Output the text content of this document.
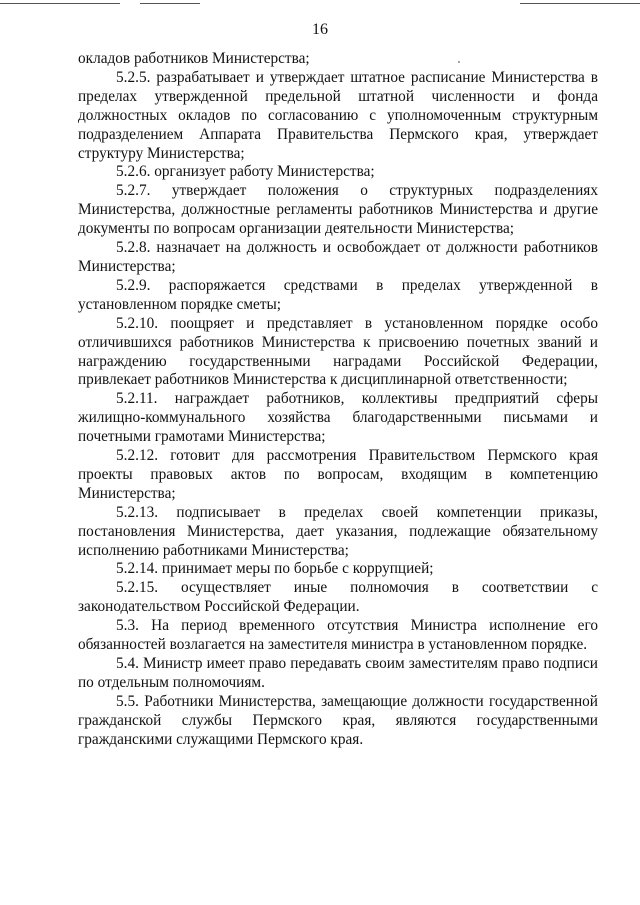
16

окладов работников Министерства;

5.2.5. разрабатывает и утверждает штатное расписание Министерства в пределах утвержденной предельной штатной численности и фонда должностных окладов по согласованию с уполномоченным структурным подразделением Аппарата Правительства Пермского края, утверждает структуру Министерства;

5.2.6. организует работу Министерства;

5.2.7. утверждает положения о структурных подразделениях Министерства, должностные регламенты работников Министерства и другие документы по вопросам организации деятельности Министерства;

5.2.8. назначает на должность и освобождает от должности работников Министерства;

5.2.9. распоряжается средствами в пределах утвержденной в установленном порядке сметы;

5.2.10. поощряет и представляет в установленном порядке особо отличившихся работников Министерства к присвоению почетных званий и награждению государственными наградами Российской Федерации, привлекает работников Министерства к дисциплинарной ответственности;

5.2.11. награждает работников, коллективы предприятий сферы жилищно-коммунального хозяйства благодарственными письмами и почетными грамотами Министерства;

5.2.12. готовит для рассмотрения Правительством Пермского края проекты правовых актов по вопросам, входящим в компетенцию Министерства;

5.2.13. подписывает в пределах своей компетенции приказы, постановления Министерства, дает указания, подлежащие обязательному исполнению работниками Министерства;

5.2.14. принимает меры по борьбе с коррупцией;

5.2.15. осуществляет иные полномочия в соответствии с законодательством Российской Федерации.

5.3. На период временного отсутствия Министра исполнение его обязанностей возлагается на заместителя министра в установленном порядке.

5.4. Министр имеет право передавать своим заместителям право подписи по отдельным полномочиям.

5.5. Работники Министерства, замещающие должности государственной гражданской службы Пермского края, являются государственными гражданскими служащими Пермского края.
